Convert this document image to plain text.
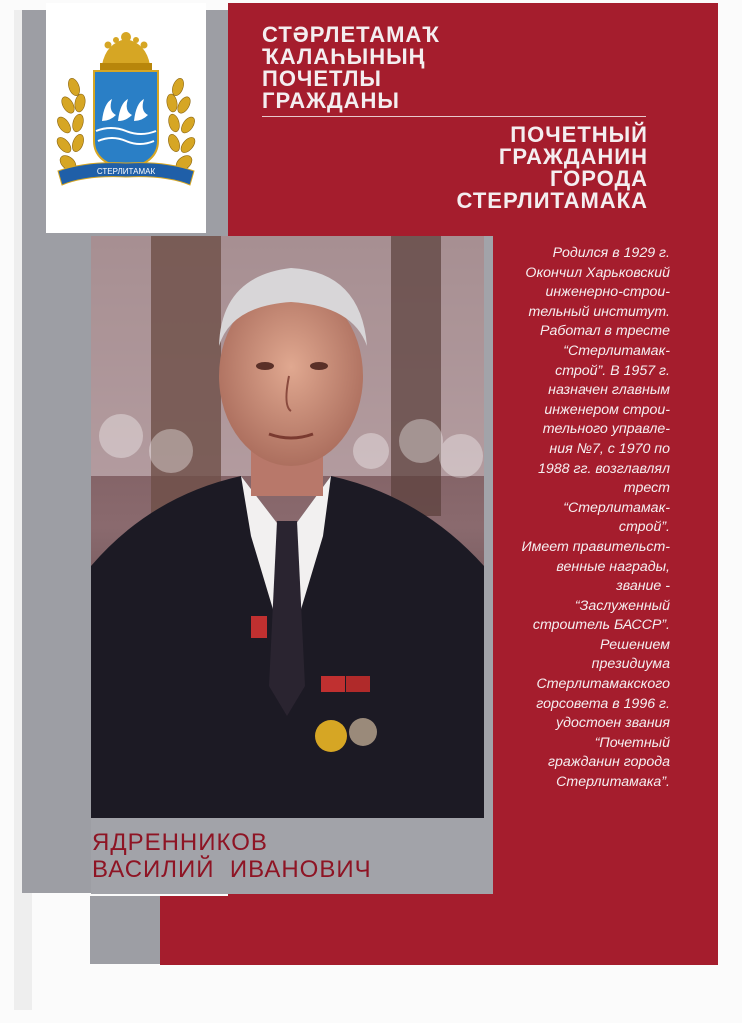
СТЕРЛИТАМАК
СТӘРЛЕТАМАҠ
ҠАЛАҺЫНЫҢ
ПОЧЕТЛЫ
ГРАЖДАНЫ
ПОЧЕТНЫЙ
ГРАЖДАНИН
ГОРОДА
СТЕРЛИТАМАКА
Родился в 1929 г.
Окончил Харьковский
инженерно-строи-
тельный институт.
Работал в тресте
“Стерлитамак-
строй”. В 1957 г.
назначен главным
инженером строи-
тельного управле-
ния №7, с 1970 по
1988 гг. возглавлял
трест
“Стерлитамак-
строй”.
Имеет правительст-
венные награды,
звание -
“Заслуженный
строитель БАССР”.
Решением
президиума
Стерлитамакского
горсовета в 1996 г.
удостоен звания
“Почетный
гражданин города
Стерлитамака”.
ЯДРЕННИКОВ
ВАСИЛИЙ  ИВАНОВИЧ
